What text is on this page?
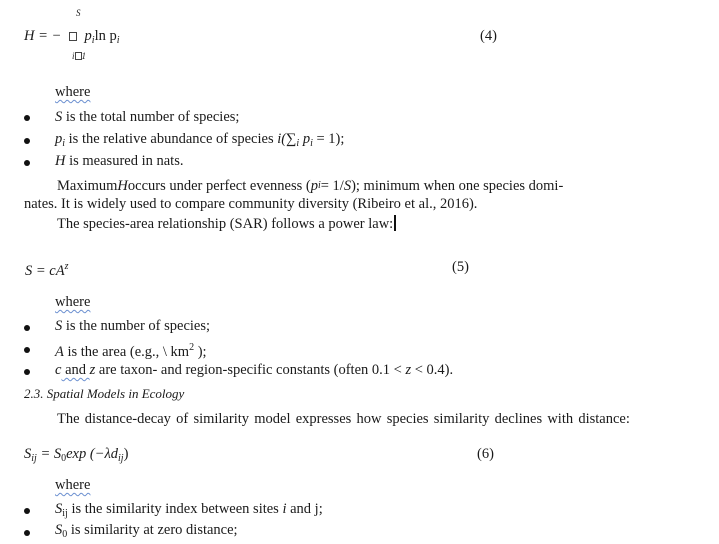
S
H = − $p_i\ln$ $p_i$
i 1
(4)
where
S is the total number of species;
$p_i$ is the relative abundance of species $i(\sum_i$ $p_i = 1$);
H is measured in nats.
Maximum H occurs under perfect evenness ( p i = 1/ S ); minimum when one species domi-
nates. It is widely used to compare community diversity (Ribeiro et al., 2016).
The species-area relationship (SAR) follows a power law:
$S = cA^z$	(5)
where
S is the number of species;
A is the area (e.g., \ $km^2$ );
c and z are taxon- and region-specific constants (often 0.1 < z < 0.4).
2.3. Spatial Models in Ecology
The distance-decay of similarity model expresses how species similarity declines with distance:
$S_{ij} = S_0\exp$ $(-\lambda d_{ij})$	(6)
where
$S_{ij}$ is the similarity index between sites i and j;
$S_0$ is similarity at zero distance;
